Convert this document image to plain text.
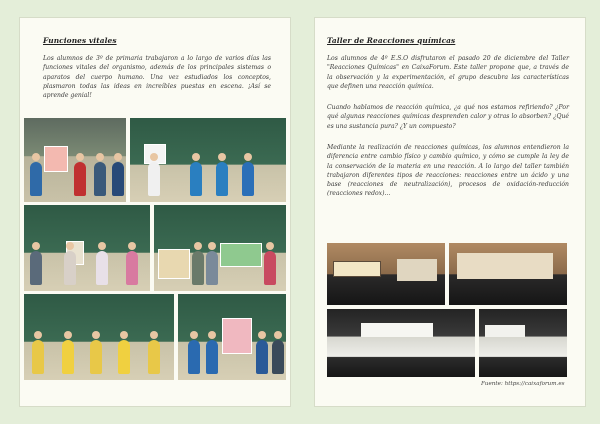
Funciones vitales
Los alumnos de 3º de primaria trabajaron a lo largo de varios días las funciones vitales del organismo, además de los principales sistemas o aparatos del cuerpo humano. Una vez estudiados los conceptos, plasmaron todas las ideas en increíbles puestas en escena. ¡Así se aprende genial!
Taller de Reacciones químicas
Los alumnos de 4º E.S.O disfrutaron el pasado 20 de diciembre del Taller "Reacciones Químicas" en CaixaForum. Este taller propone que, a través de la observación y la experimentación, el grupo descubra las características que definen una reacción química.
Cuando hablamos de reacción química, ¿a qué nos estamos refiriendo? ¿Por qué algunas reacciones químicas desprenden calor y otras lo absorben? ¿Qué es una sustancia pura? ¿Y un compuesto?
Mediante la realización de reacciones químicas, los alumnos entendieron la diferencia entre cambio físico y cambio químico, y cómo se cumple la ley de la conservación de la materia en una reacción. A lo largo del taller también trabajaron diferentes tipos de reacciones: reacciones entre un ácido y una base (reacciones de neutralización), procesos de oxidación-reducción (reacciones redox)...
Fuente: https://caixaforum.es
